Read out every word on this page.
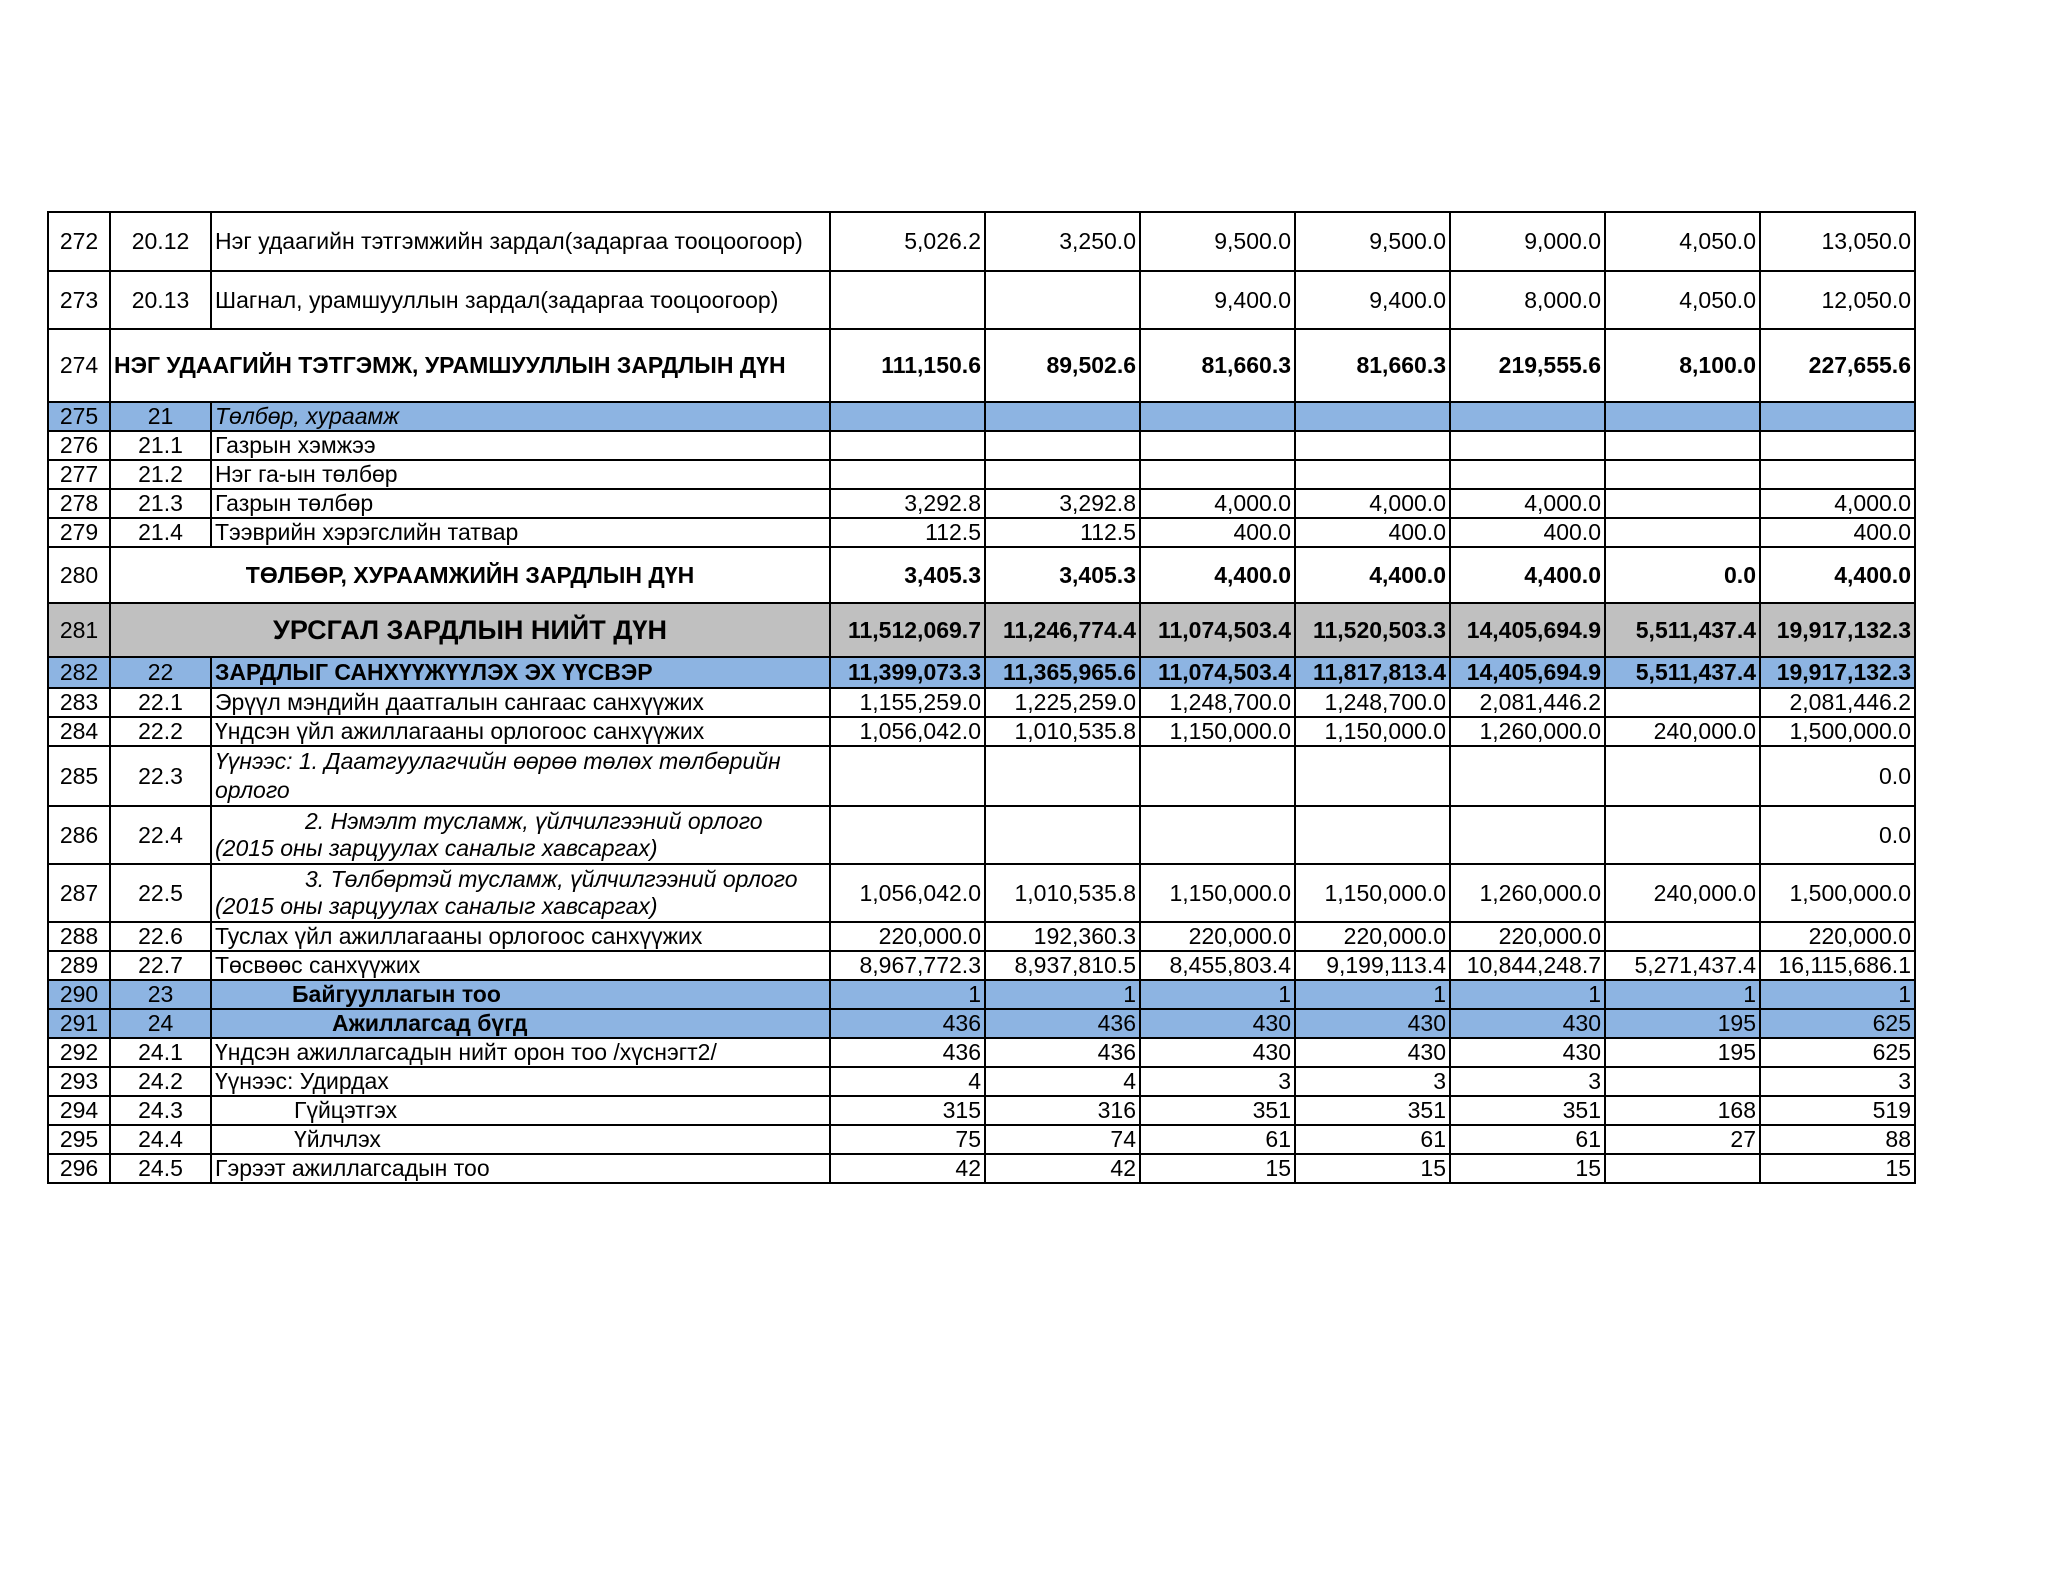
272	20.12	Нэг удаагийн тэтгэмжийн зардал(задаргаа тооцоогоор)	5,026.2	3,250.0	9,500.0	9,500.0	9,000.0	4,050.0	13,050.0
273	20.13	Шагнал, урамшууллын зардал(задаргаа тооцоогоор)			9,400.0	9,400.0	8,000.0	4,050.0	12,050.0
274	НЭГ УДААГИЙН ТЭТГЭМЖ, УРАМШУУЛЛЫН ЗАРДЛЫН ДҮН		111,150.6	89,502.6	81,660.3	81,660.3	219,555.6	8,100.0	227,655.6
275	21	Төлбөр, хураамж							
276	21.1	Газрын хэмжээ							
277	21.2	Нэг га-ын төлбөр							
278	21.3	Газрын төлбөр	3,292.8	3,292.8	4,000.0	4,000.0	4,000.0		4,000.0
279	21.4	Тээврийн хэрэгслийн татвар	112.5	112.5	400.0	400.0	400.0		400.0
280	ТӨЛБӨР, ХУРААМЖИЙН ЗАРДЛЫН ДҮН		3,405.3	3,405.3	4,400.0	4,400.0	4,400.0	0.0	4,400.0
281	УРСГАЛ ЗАРДЛЫН НИЙТ ДҮН		11,512,069.7	11,246,774.4	11,074,503.4	11,520,503.3	14,405,694.9	5,511,437.4	19,917,132.3
282	22	ЗАРДЛЫГ САНХҮҮЖҮҮЛЭХ ЭХ ҮҮСВЭР	11,399,073.3	11,365,965.6	11,074,503.4	11,817,813.4	14,405,694.9	5,511,437.4	19,917,132.3
283	22.1	Эрүүл мэндийн даатгалын сангаас санхүүжих	1,155,259.0	1,225,259.0	1,248,700.0	1,248,700.0	2,081,446.2		2,081,446.2
284	22.2	Үндсэн үйл ажиллагааны орлогоос санхүүжих	1,056,042.0	1,010,535.8	1,150,000.0	1,150,000.0	1,260,000.0	240,000.0	1,500,000.0
285	22.3	Үүнээс: 1. Даатгуулагчийн өөрөө төлөх төлбөрийн орлого							0.0
286	22.4	2. Нэмэлт тусламж, үйлчилгээний орлого
(2015 оны зарцуулах саналыг хавсаргах)							0.0
287	22.5	3. Төлбөртэй тусламж, үйлчилгээний орлого
(2015 оны зарцуулах саналыг хавсаргах)	1,056,042.0	1,010,535.8	1,150,000.0	1,150,000.0	1,260,000.0	240,000.0	1,500,000.0
288	22.6	Туслах үйл ажиллагааны орлогоос санхүүжих	220,000.0	192,360.3	220,000.0	220,000.0	220,000.0		220,000.0
289	22.7	Төсвөөс санхүүжих	8,967,772.3	8,937,810.5	8,455,803.4	9,199,113.4	10,844,248.7	5,271,437.4	16,115,686.1
290	23	Байгууллагын тоо	1	1	1	1	1	1	1
291	24	Ажиллагсад бүгд	436	436	430	430	430	195	625
292	24.1	Үндсэн ажиллагсадын нийт орон тоо /хүснэгт2/	436	436	430	430	430	195	625
293	24.2	Үүнээс: Удирдах	4	4	3	3	3		3
294	24.3	Гүйцэтгэх	315	316	351	351	351	168	519
295	24.4	Үйлчлэх	75	74	61	61	61	27	88
296	24.5	Гэрээт ажиллагсадын тоо	42	42	15	15	15		15
